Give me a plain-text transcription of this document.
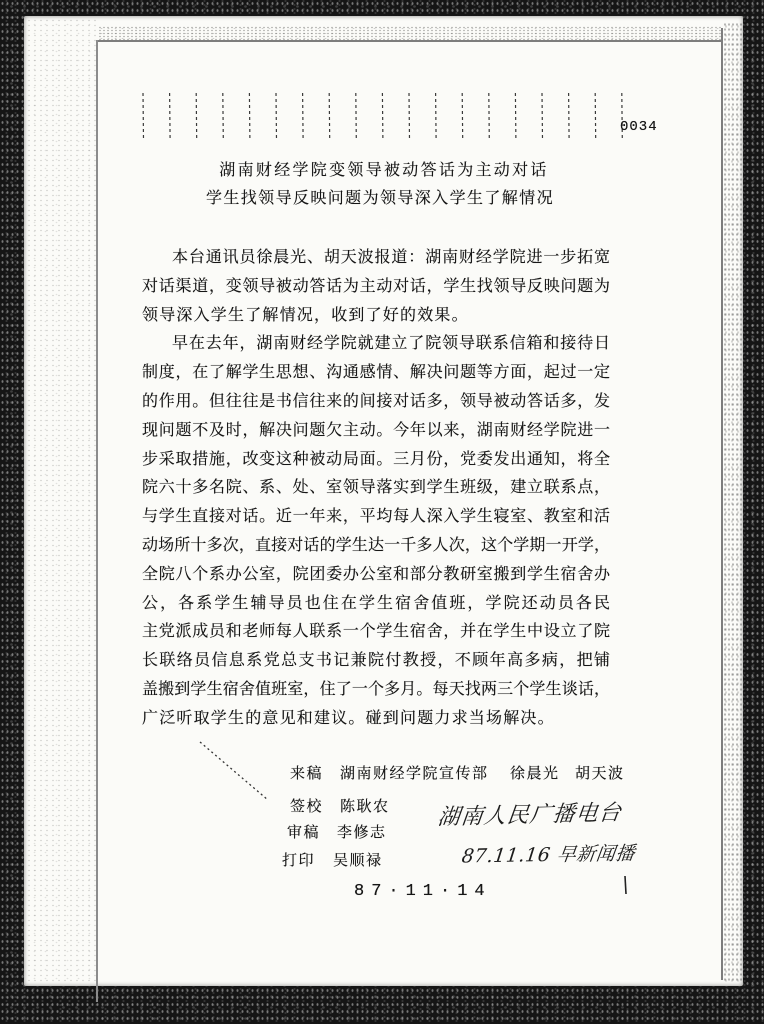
0034
湖南财经学院变领导被动答话为主动对话
学生找领导反映问题为领导深入学生了解情况
本台通讯员徐晨光、胡天波报道：湖南财经学院进一步拓宽
对话渠道，变领导被动答话为主动对话，学生找领导反映问题为
领导深入学生了解情况，收到了好的效果。
早在去年，湖南财经学院就建立了院领导联系信箱和接待日
制度，在了解学生思想、沟通感情、解决问题等方面，起过一定
的作用。但往往是书信往来的间接对话多，领导被动答话多，发
现问题不及时，解决问题欠主动。今年以来，湖南财经学院进一
步采取措施，改变这种被动局面。三月份，党委发出通知，将全
院六十多名院、系、处、室领导落实到学生班级，建立联系点，
与学生直接对话。近一年来，平均每人深入学生寝室、教室和活
动场所十多次，直接对话的学生达一千多人次，这个学期一开学，
全院八个系办公室，院团委办公室和部分教研室搬到学生宿舍办
公，各系学生辅导员也住在学生宿舍值班，学院还动员各民
主党派成员和老师每人联系一个学生宿舍，并在学生中设立了院
长联络员信息系党总支书记兼院付教授，不顾年高多病，把铺
盖搬到学生宿舍值班室，住了一个多月。每天找两三个学生谈话，
广泛听取学生的意见和建议。碰到问题力求当场解决。
来稿 湖南财经学院宣传部 徐晨光 胡天波
签校 陈耿农
审稿 李修志
打印 吴顺禄
87·11·14
湖南人民广播电台
87.11.16 早新闻播
